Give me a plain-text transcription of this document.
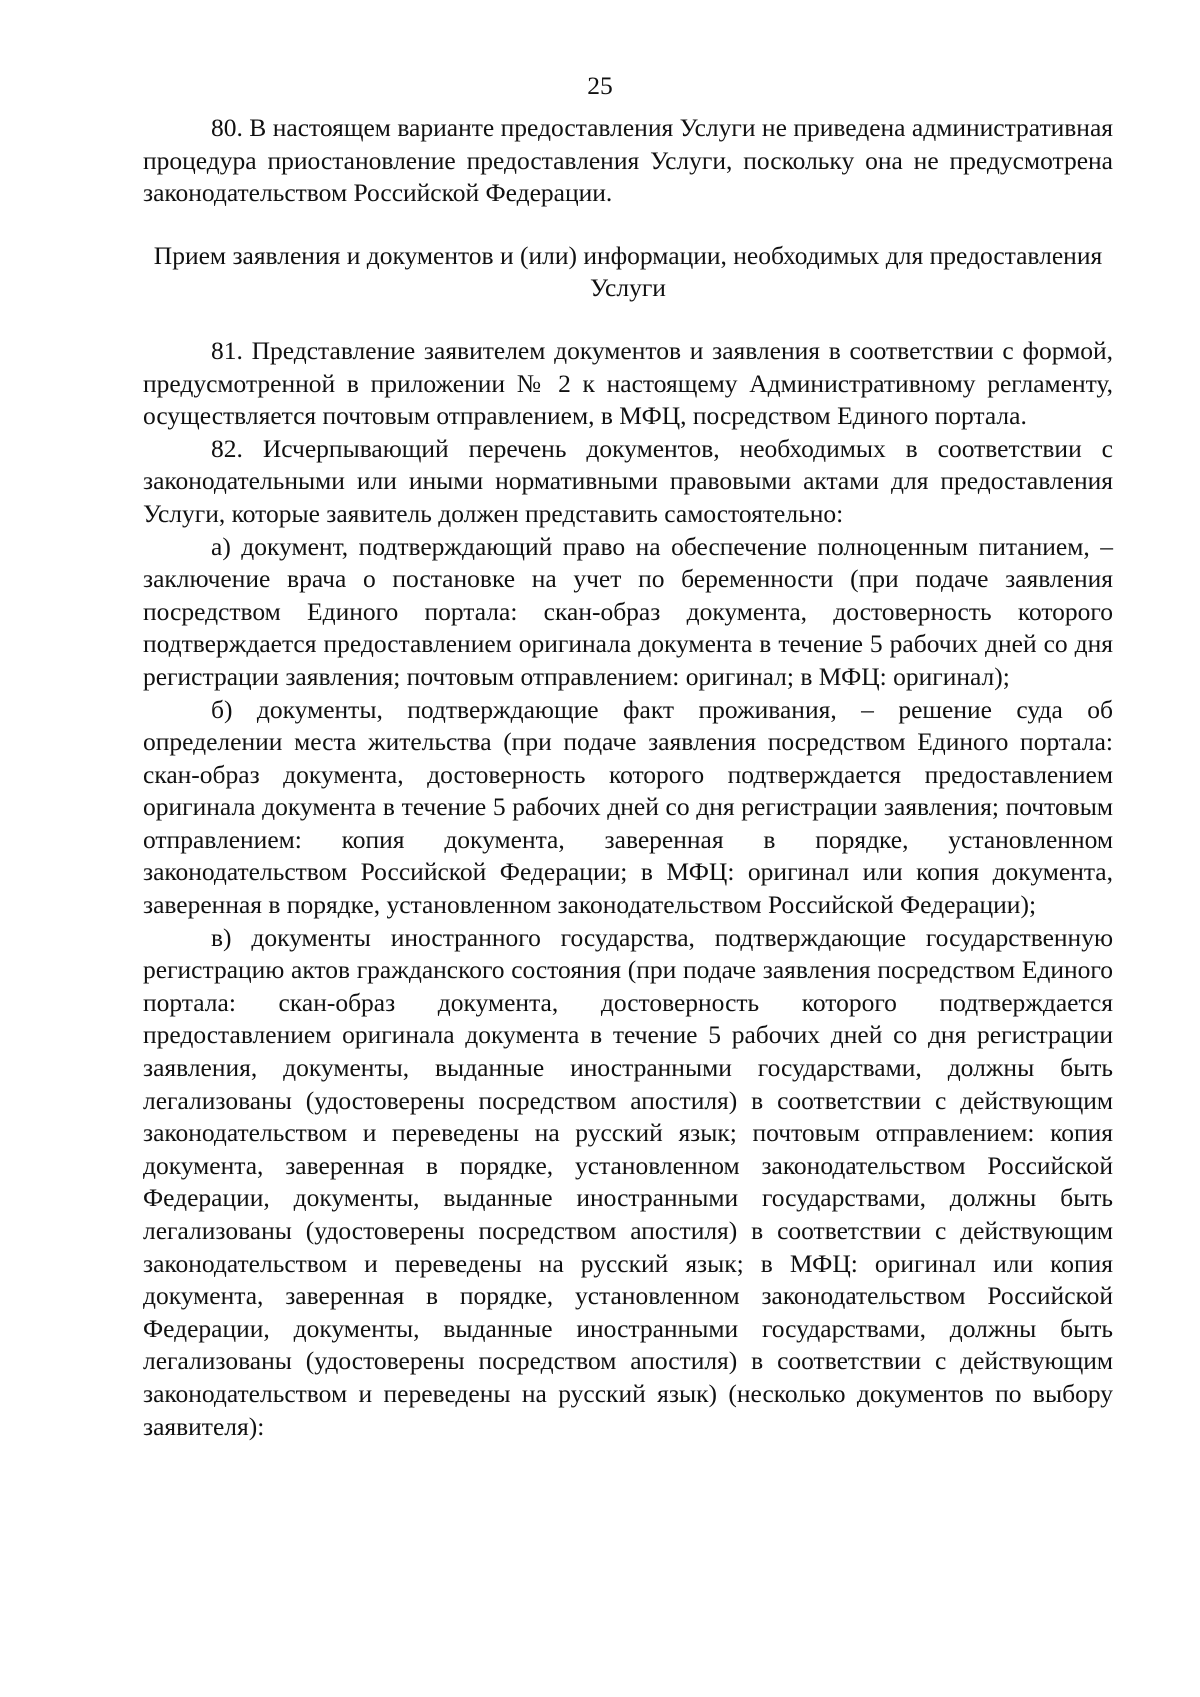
25

80. В настоящем варианте предоставления Услуги не приведена административная процедура приостановление предоставления Услуги, поскольку она не предусмотрена законодательством Российской Федерации.

Прием заявления и документов и (или) информации, необходимых для предоставления Услуги

81. Представление заявителем документов и заявления в соответствии с формой, предусмотренной в приложении № 2 к настоящему Административному регламенту, осуществляется почтовым отправлением, в МФЦ, посредством Единого портала.

82. Исчерпывающий перечень документов, необходимых в соответствии с законодательными или иными нормативными правовыми актами для предоставления Услуги, которые заявитель должен представить самостоятельно:

а) документ, подтверждающий право на обеспечение полноценным питанием, – заключение врача о постановке на учет по беременности (при подаче заявления посредством Единого портала: скан-образ документа, достоверность которого подтверждается предоставлением оригинала документа в течение 5 рабочих дней со дня регистрации заявления; почтовым отправлением: оригинал; в МФЦ: оригинал);

б) документы, подтверждающие факт проживания, – решение суда об определении места жительства (при подаче заявления посредством Единого портала: скан-образ документа, достоверность которого подтверждается предоставлением оригинала документа в течение 5 рабочих дней со дня регистрации заявления; почтовым отправлением: копия документа, заверенная в порядке, установленном законодательством Российской Федерации; в МФЦ: оригинал или копия документа, заверенная в порядке, установленном законодательством Российской Федерации);

в) документы иностранного государства, подтверждающие государственную регистрацию актов гражданского состояния (при подаче заявления посредством Единого портала: скан-образ документа, достоверность которого подтверждается предоставлением оригинала документа в течение 5 рабочих дней со дня регистрации заявления, документы, выданные иностранными государствами, должны быть легализованы (удостоверены посредством апостиля) в соответствии с действующим законодательством и переведены на русский язык; почтовым отправлением: копия документа, заверенная в порядке, установленном законодательством Российской Федерации, документы, выданные иностранными государствами, должны быть легализованы (удостоверены посредством апостиля) в соответствии с действующим законодательством и переведены на русский язык; в МФЦ: оригинал или копия документа, заверенная в порядке, установленном законодательством Российской Федерации, документы, выданные иностранными государствами, должны быть легализованы (удостоверены посредством апостиля) в соответствии с действующим законодательством и переведены на русский язык) (несколько документов по выбору заявителя):
